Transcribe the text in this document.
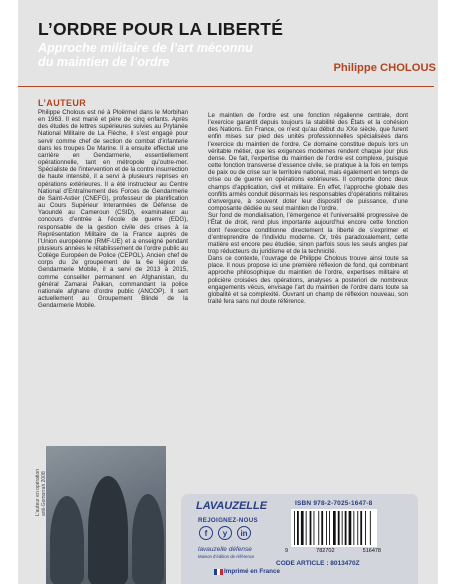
L’ORDRE POUR LA LIBERTÉ
Approche militaire de l’art méconnu
du maintien de l’ordre	Philippe CHOLOUS
L’AUTEUR

Philippe Cholous est né à Ploërmel dans le Morbihan en 1963. Il est marié et père de cinq enfants. Après des études de lettres supérieures suivies au Prytanée National Militaire de La Flèche, il s’est engagé pour servir comme chef de section de combat d’infanterie dans les troupes De Marine. Il a ensuite effectué une carrière en Gendarmerie, essentiellement opérationnelle, tant en métropole qu’outre-mer. Spécialiste de l’intervention et de la contre insurrection de haute intensité, il a servi à plusieurs reprises en opérations extérieures. Il a été instructeur au Centre National d’Entraînement des Forces de Gendarmerie de Saint-Astier (CNEFG), professeur de planification au Cours Supérieur Interarmées de Défense de Yaoundé au Cameroun (CSID), examinateur au concours d’entrée à l’école de guerre (EDG), responsable de la gestion civile des crises à la Représentation Militaire de la France auprès de l’Union européenne (RMF-UE) et a enseigné pendant plusieurs années le rétablissement de l’ordre public au Collège Européen de Police (CEPOL). Ancien chef de corps du 2e groupement de la 6e légion de Gendarmerie Mobile, il a servi de 2013 à 2015, comme conseiller permanent en Afghanistan, du général Zamarai Paikan, commandant la police nationale afghane d’ordre public (ANCOP). Il sert actuellement au Groupement Blindé de la Gendarmerie Mobile.

Le maintien de l’ordre est une fonction régalienne centrale, dont l’exercice garantit depuis toujours la stabilité des États et la cohésion des Nations. En France, ce n’est qu’au début du XXe siècle, que furent enfin mises sur pied des unités professionnelles spécialisées dans l’exercice du maintien de l’ordre. Ce domaine constitue depuis lors un véritable métier, que les exigences modernes rendent chaque jour plus dense. De fait, l’expertise du maintien de l’ordre est complexe, puisque cette fonction transverse d’essence civile, se pratique à la fois en temps de paix ou de crise sur le territoire national, mais également en temps de crise ou de guerre en opérations extérieures. Il comporte donc deux champs d’application, civil et militaire. En effet, l’approche globale des conflits armés conduit désormais les responsables d’opérations militaires d’envergure, à souvent doter leur dispositif de puissance, d’une composante dédiée ou seul maintien de l’ordre.

Sur fond de mondialisation, l’émergence et l’universalité progressive de l’État de droit, rend plus importante aujourd’hui encore cette fonction dont l’exercice conditionne directement la liberté de s’exprimer et d’entreprendre de l’individu moderne. Or, très paradoxalement, cette matière est encore peu étudiée, sinon parfois sous les seuls angles par trop réducteurs du juridisme et de la technicité.

Dans ce contexte, l’ouvrage de Philippe Cholous trouve ainsi toute sa place. Il nous propose ici une première réflexion de fond, qui combinant approche philosophique du maintien de l’ordre, expertises militaire et policière croisées des opérations, analyses a posteriori de nombreux engagements vécus, envisage l’art du maintien de l’ordre dans toute sa globalité et sa complexité. Ouvrant un champ de réflexion nouveau, son traité fera sans nul doute référence.

L’auteur en opération anti-Gomorrah 2008	LAVAUZELLE
REJOIGNEZ-NOUS
f	y	in
lavauzelle défense
Maison d’édition de référence
Imprimé en France
ISBN 978-2-7025-1647-8
9	782702	516478
CODE ARTICLE : 8013470Z
